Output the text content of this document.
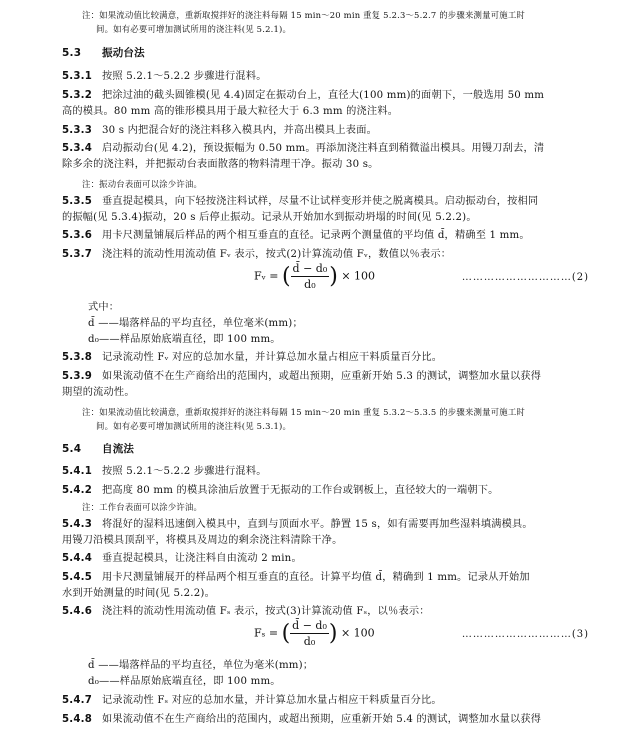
注：如果流动值比较满意，重新取搅拌好的浇注料每隔 15 min～20 min 重复 5.2.3～5.2.7 的步骤来测量可施工时
间。如有必要可增加测试所用的浇注料(见 5.2.1)。
5.3 振动台法
5.3.1 按照 5.2.1～5.2.2 步骤进行混料。
5.3.2 把涂过油的截头圆锥模(见 4.4)固定在振动台上，直径大(100 mm)的面朝下，一般选用 50 mm
高的模具。80 mm 高的锥形模具用于最大粒径大于 6.3 mm 的浇注料。
5.3.3 30 s 内把混合好的浇注料移入模具内，并高出模具上表面。
5.3.4 启动振动台(见 4.2)，预设振幅为 0.50 mm。再添加浇注料直到稍微溢出模具。用镘刀刮去，清
除多余的浇注料，并把振动台表面散落的物料清理干净。振动 30 s。
注：振动台表面可以涂少许油。
5.3.5 垂直提起模具，向下轻按浇注料试样，尽量不让试样变形并使之脱离模具。启动振动台，按相同
的振幅(见 5.3.4)振动，20 s 后停止振动。记录从开始加水到振动坍塌的时间(见 5.2.2)。
5.3.6 用卡尺测量铺展后样品的两个相互垂直的直径。记录两个测量值的平均值 d̄，精确至 1 mm。
5.3.7 浇注料的流动性用流动值 Fᵥ 表示，按式(2)计算流动值 Fᵥ，数值以％表示：
Fᵥ = ( $\frac{\text{d̄ − d₀}}{\text{d₀}}$ ) × 100	…………………………(2)
式中：
d̄ ——塌落样品的平均直径，单位毫米(mm)；
d₀——样品原始底端直径，即 100 mm。
5.3.8 记录流动性 Fᵥ 对应的总加水量，并计算总加水量占相应干料质量百分比。
5.3.9 如果流动值不在生产商给出的范围内，或超出预期，应重新开始 5.3 的测试，调整加水量以获得
期望的流动性。
注：如果流动值比较满意，重新取搅拌好的浇注料每隔 15 min～20 min 重复 5.3.2～5.3.5 的步骤来测量可施工时
间。如有必要可增加测试所用的浇注料(见 5.3.1)。
5.4 自流法
5.4.1 按照 5.2.1～5.2.2 步骤进行混料。
5.4.2 把高度 80 mm 的模具涂油后放置于无振动的工作台或钢板上，直径较大的一端朝下。
注：工作台表面可以涂少许油。
5.4.3 将混好的湿料迅速倒入模具中，直到与顶面水平。静置 15 s，如有需要再加些湿料填满模具。
用镘刀沿模具顶刮平，将模具及周边的剩余浇注料清除干净。
5.4.4 垂直提起模具，让浇注料自由流动 2 min。
5.4.5 用卡尺测量铺展开的样品两个相互垂直的直径。计算平均值 d̄，精确到 1 mm。记录从开始加
水到开始测量的时间(见 5.2.2)。
5.4.6 浇注料的流动性用流动值 Fₛ 表示，按式(3)计算流动值 Fₛ，以％表示：
Fₛ = ( $\frac{\text{d̄ − d₀}}{\text{d₀}}$ ) × 100	…………………………(3)
d̄ ——塌落样品的平均直径，单位为毫米(mm)；
d₀——样品原始底端直径，即 100 mm。
5.4.7 记录流动性 Fₛ 对应的总加水量，并计算总加水量占相应干料质量百分比。
5.4.8 如果流动值不在生产商给出的范围内，或超出预期，应重新开始 5.4 的测试，调整加水量以获得
